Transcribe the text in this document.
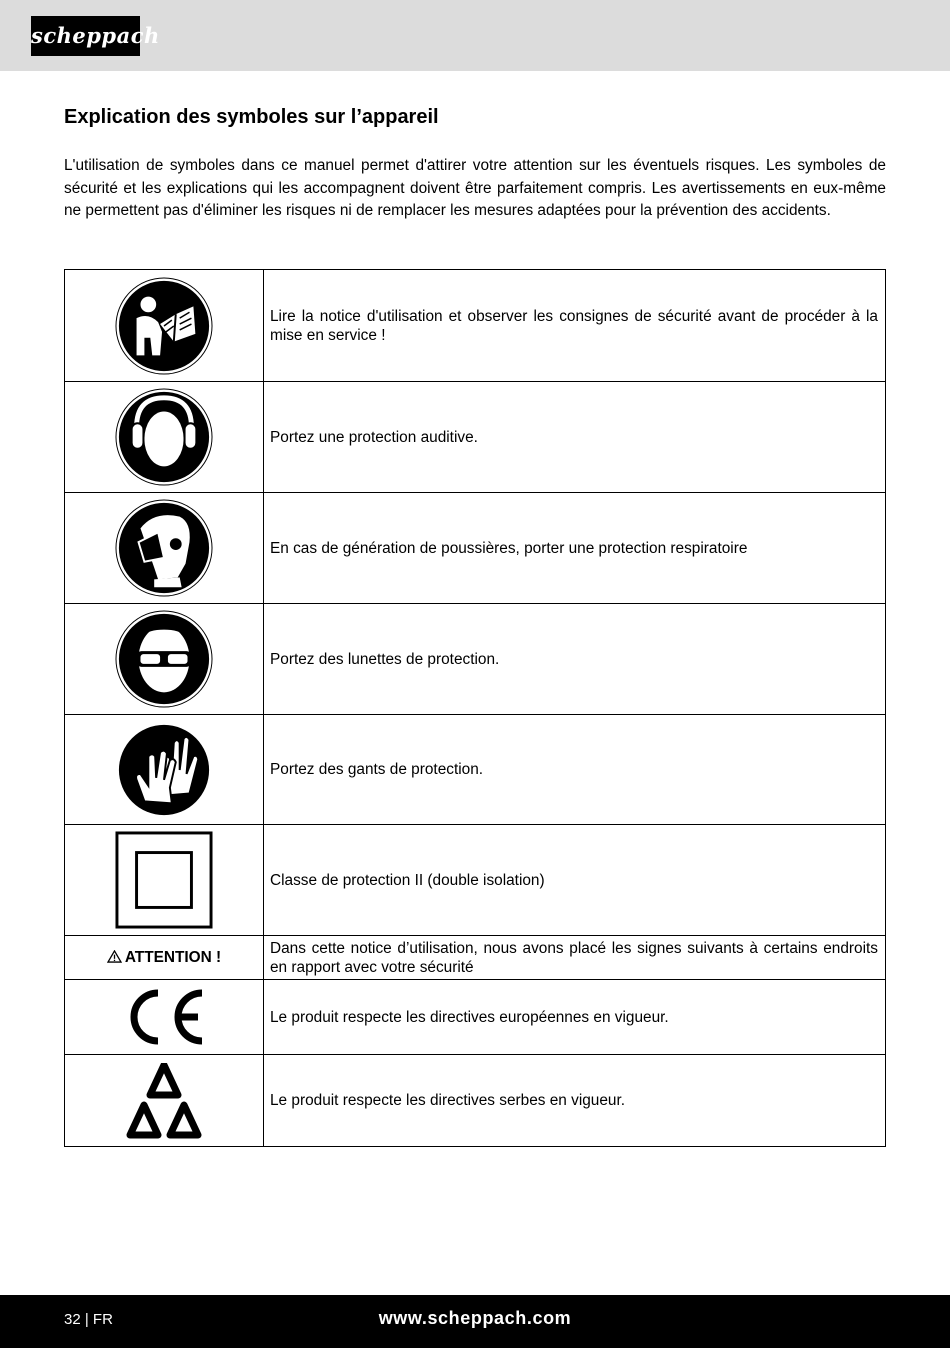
scheppach
Explication des symboles sur l’appareil

L'utilisation de symboles dans ce manuel permet d'attirer votre attention sur les éventuels risques. Les symboles de sécurité et les explications qui les accompagnent doivent être parfaitement compris. Les avertissements en eux-même ne permettent pas d'éliminer les risques ni de remplacer les mesures adaptées pour la prévention des accidents.

	Lire la notice d'utilisation et observer les consignes de sécurité avant de procéder à la mise en service !

	Portez une protection auditive.

	En cas de génération de poussières, porter une protection respiratoire

	Portez des lunettes de protection.

	Portez des gants de protection.

	Classe de protection II (double isolation)
ATTENTION !	Dans cette notice d’utilisation, nous avons placé les signes suivants à certains endroits en rapport avec votre sécurité

	Le produit respecte les directives européennes en vigueur.

	Le produit respecte les directives serbes en vigueur.
32 | FR	www.scheppach.com
